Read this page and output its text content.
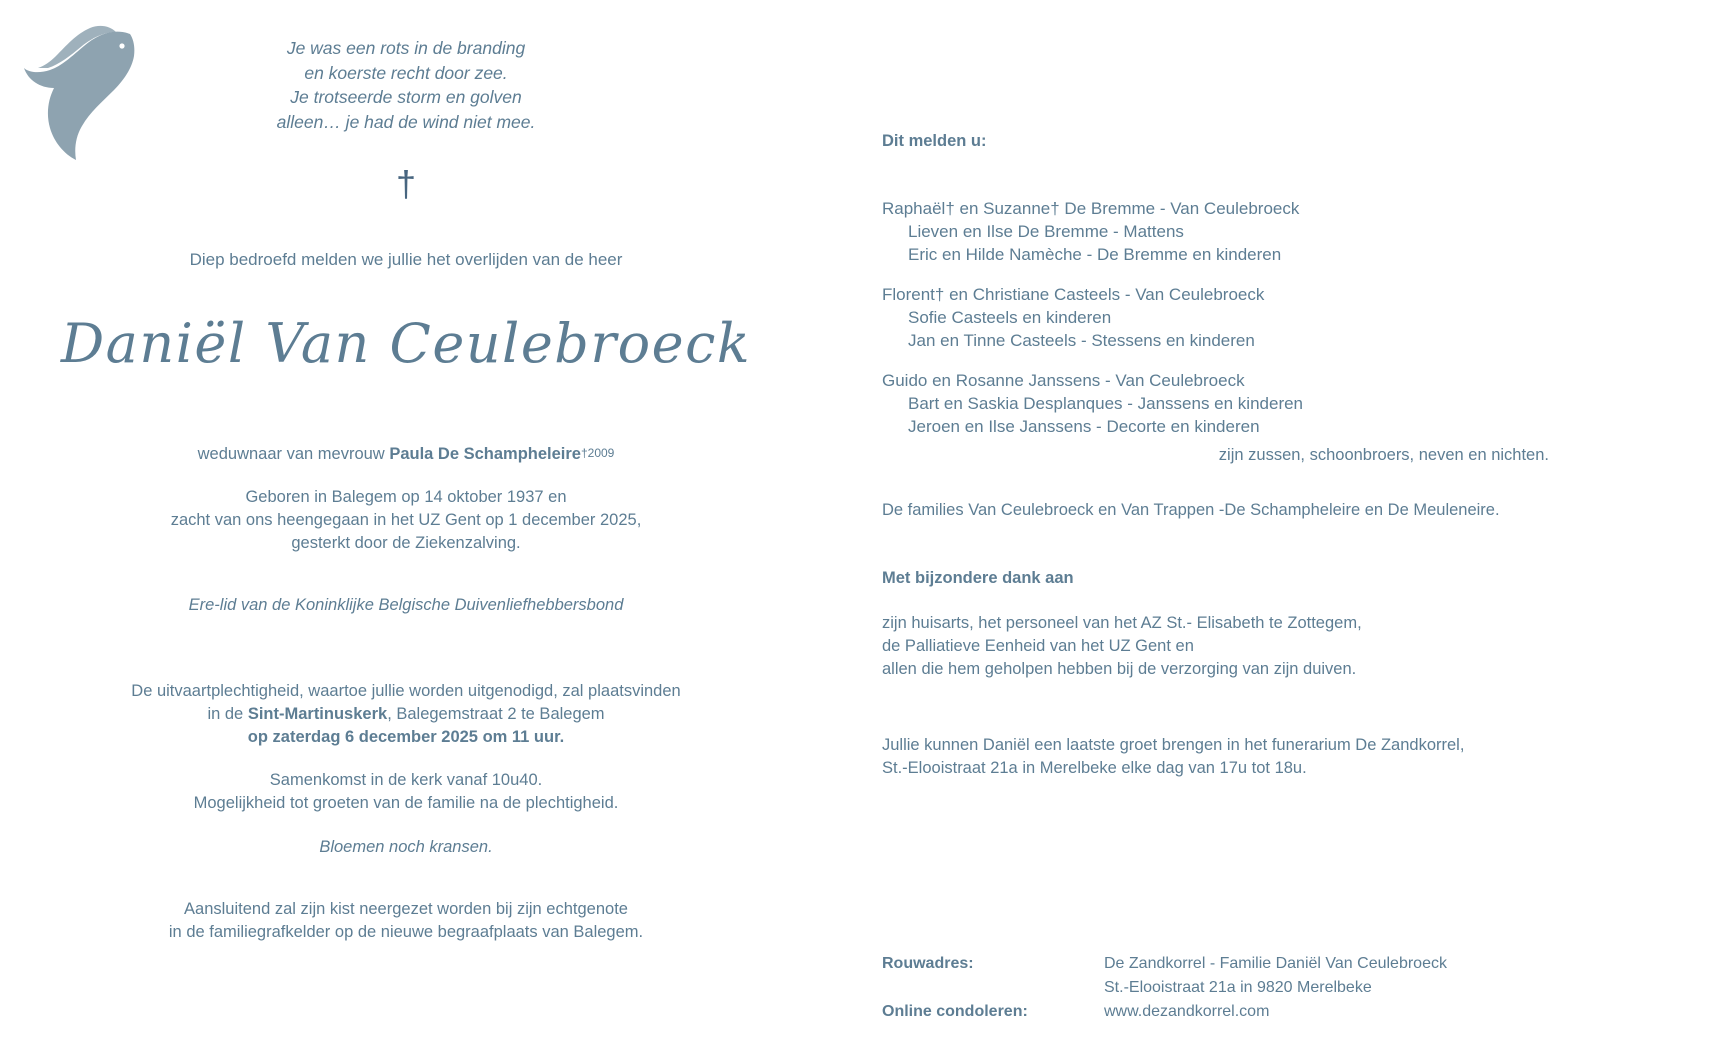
Je was een rots in de branding
en koerste recht door zee.
Je trotseerde storm en golven
alleen… je had de wind niet mee.
†
Diep bedroefd melden we jullie het overlijden van de heer
Daniël Van Ceulebroeck
weduwnaar van mevrouw Paula De Schampheleire†2009
Geboren in Balegem op 14 oktober 1937 en
zacht van ons heengegaan in het UZ Gent op 1 december 2025,
gesterkt door de Ziekenzalving.
Ere-lid van de Koninklijke Belgische Duivenliefhebbersbond
De uitvaartplechtigheid, waartoe jullie worden uitgenodigd, zal plaatsvinden
in de Sint-Martinuskerk, Balegemstraat 2 te Balegem
op zaterdag 6 december 2025 om 11 uur.
Samenkomst in de kerk vanaf 10u40.
Mogelijkheid tot groeten van de familie na de plechtigheid.
Bloemen noch kransen.
Aansluitend zal zijn kist neergezet worden bij zijn echtgenote
in de familiegrafkelder op de nieuwe begraafplaats van Balegem.
Dit melden u:
Raphaël† en Suzanne† De Bremme - Van Ceulebroeck
Lieven en Ilse De Bremme - Mattens
Eric en Hilde Namèche - De Bremme en kinderen
Florent† en Christiane Casteels - Van Ceulebroeck
Sofie Casteels en kinderen
Jan en Tinne Casteels - Stessens en kinderen
Guido en Rosanne Janssens - Van Ceulebroeck
Bart en Saskia Desplanques - Janssens en kinderen
Jeroen en Ilse Janssens - Decorte en kinderen
zijn zussen, schoonbroers, neven en nichten.
De families Van Ceulebroeck en Van Trappen -De Schampheleire en De Meuleneire.
Met bijzondere dank aan
zijn huisarts, het personeel van het AZ St.- Elisabeth te Zottegem,
de Palliatieve Eenheid van het UZ Gent en
allen die hem geholpen hebben bij de verzorging van zijn duiven.
Jullie kunnen Daniël een laatste groet brengen in het funerarium De Zandkorrel,
St.-Elooistraat 21a in Merelbeke elke dag van 17u tot 18u.
Rouwadres:	De Zandkorrel - Familie Daniël Van Ceulebroeck
St.-Elooistraat 21a in 9820 Merelbeke
Online condoleren:	www.dezandkorrel.com
